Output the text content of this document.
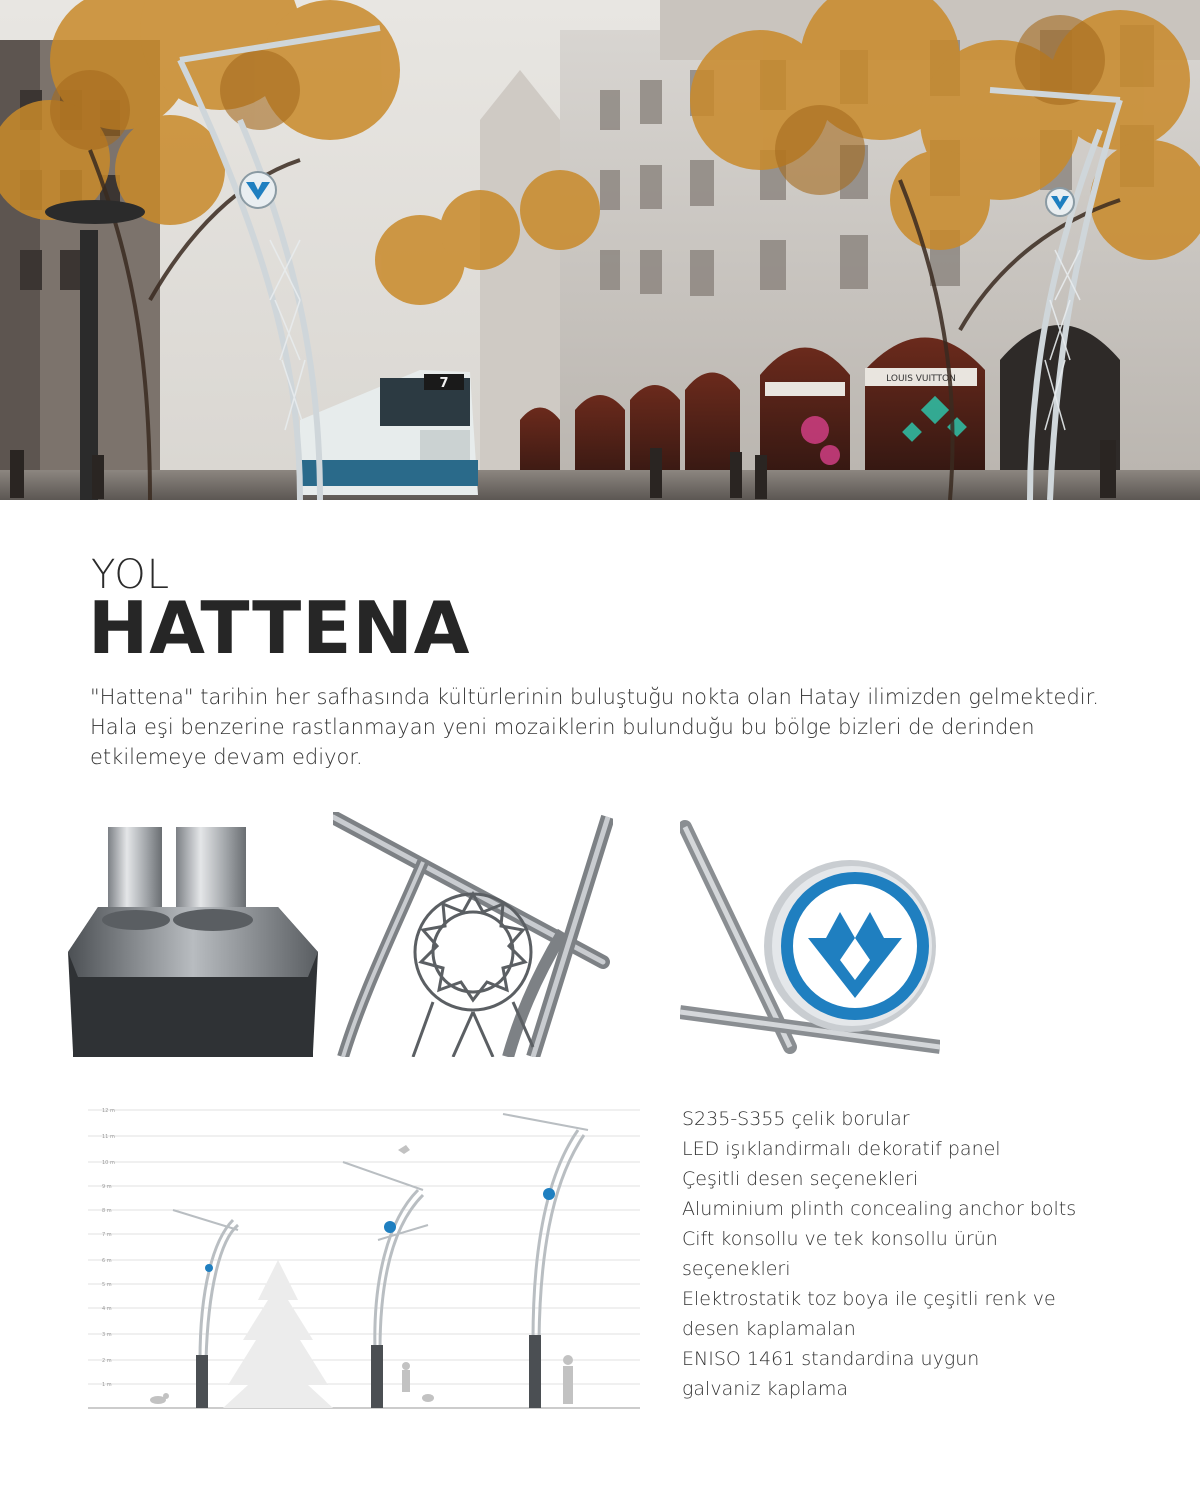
LOUIS VUITTON
7
YOL
HATTENA

"Hattena" tarihin her safhasında kültürlerinin buluştuğu nokta olan Hatay ilimizden gelmektedir. Hala eşi benzerine rastlanmayan yeni mozaiklerin bulunduğu bu bölge bizleri de derinden etkilemeye devam ediyor.

12 m
11 m
10 m
9 m
8 m
7 m
6 m
5 m
4 m
3 m
2 m
1 m
S235-S355 çelik borular
LED işıklandirmalı dekoratif panel
Çeşitli desen seçenekleri
Aluminium plinth concealing anchor bolts
Cift konsollu ve tek konsollu ürün seçenekleri
Elektrostatik toz boya ile çeşitli renk ve desen kaplamalan
ENISO 1461 standardina uygun galvaniz kaplama
